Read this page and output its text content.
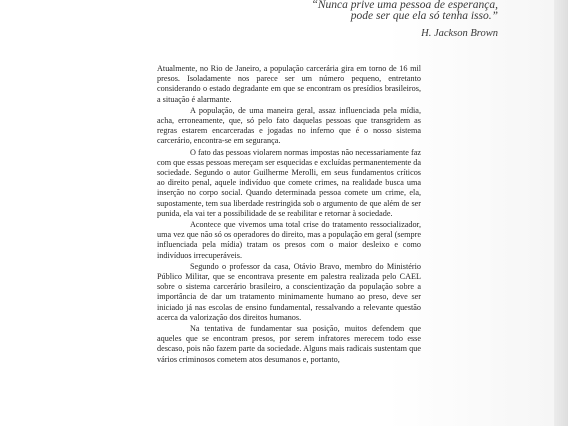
“Nunca prive uma pessoa de esperança,
pode ser que ela só tenha isso.”
H. Jackson Brown

Atualmente, no Rio de Janeiro, a população carcerária gira em torno de 16 mil presos. Isoladamente nos parece ser um número pequeno, entretanto considerando o estado degradante em que se encontram os presídios brasileiros, a situação é alarmante.

A população, de uma maneira geral, assaz influenciada pela mídia, acha, erroneamente, que, só pelo fato daquelas pessoas que transgridem as regras estarem encarceradas e jogadas no inferno que é o nosso sistema carcerário, encontra-se em segurança.

O fato das pessoas violarem normas impostas não necessariamente faz com que essas pessoas mereçam ser esquecidas e excluídas permanentemente da sociedade. Segundo o autor Guilherme Merolli, em seus fundamentos críticos ao direito penal, aquele indivíduo que comete crimes, na realidade busca uma inserção no corpo social. Quando determinada pessoa comete um crime, ela, supostamente, tem sua liberdade restringida sob o argumento de que além de ser punida, ela vai ter a possibilidade de se reabilitar e retornar à sociedade.

Acontece que vivemos uma total crise do tratamento ressocializador, uma vez que não só os operadores do direito, mas a população em geral (sempre influenciada pela mídia) tratam os presos com o maior desleixo e como indivíduos irrecuperáveis.

Segundo o professor da casa, Otávio Bravo, membro do Ministério Público Militar, que se encontrava presente em palestra realizada pelo CAEL sobre o sistema carcerário brasileiro, a conscientização da população sobre a importância de dar um tratamento minimamente humano ao preso, deve ser iniciado já nas escolas de ensino fundamental, ressalvando a relevante questão acerca da valorização dos direitos humanos.

Na tentativa de fundamentar sua posição, muitos defendem que aqueles que se encontram presos, por serem infratores merecem todo esse descaso, pois não fazem parte da sociedade. Alguns mais radicais sustentam que vários criminosos cometem atos desumanos e, portanto,
